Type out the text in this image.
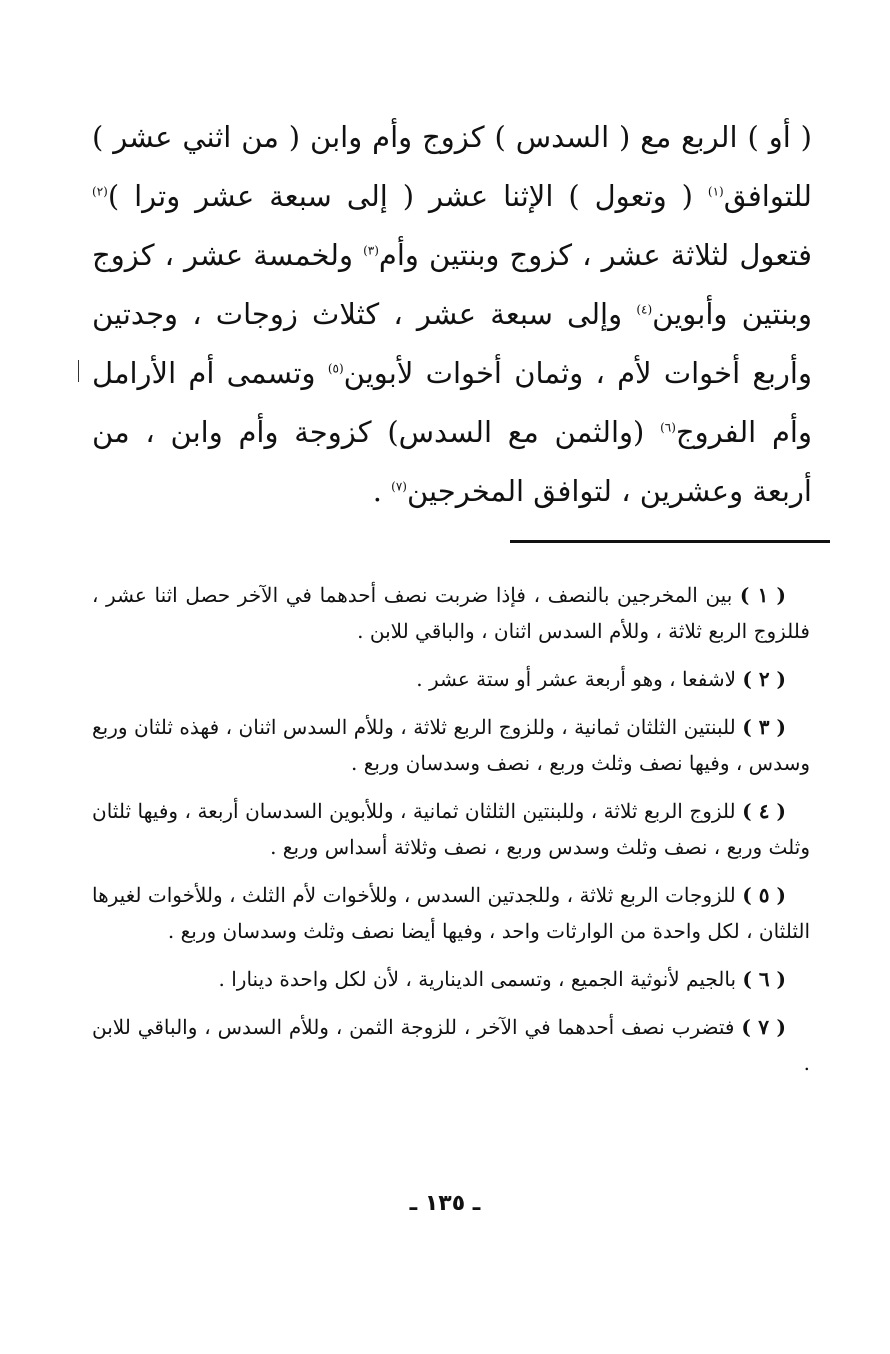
( أو ) الربع مع ( السدس ) كزوج وأم وابن ( من اثني عشر ) للتوافق$^{(١)}$ ( وتعول ) الإثنا عشر ( إلى سبعة عشر وترا )$^{(٢)}$ فتعول لثلاثة عشر ، كزوج وبنتين وأم$^{(٣)}$ ولخمسة عشر ، كزوج وبنتين وأبوين$^{(٤)}$ وإلى سبعة عشر ، كثلاث زوجات ، وجدتين وأربع أخوات لأم ، وثمان أخوات لأبوين$^{(٥)}$ وتسمى أم الأرامل وأم الفروج$^{(٦)}$ (والثمن مع السدس) كزوجة وأم وابن ، من أربعة وعشرين ، لتوافق المخرجين$^{(٧)}$ .

( ١ ) بين المخرجين بالنصف ، فإذا ضربت نصف أحدهما في الآخر حصل اثنا عشر ، فللزوج الربع ثلاثة ، وللأم السدس اثنان ، والباقي للابن .

( ٢ ) لاشفعا ، وهو أربعة عشر أو ستة عشر .

( ٣ ) للبنتين الثلثان ثمانية ، وللزوج الربع ثلاثة ، وللأم السدس اثنان ، فهذه ثلثان وربع وسدس ، وفيها نصف وثلث وربع ، نصف وسدسان وربع .

( ٤ ) للزوج الربع ثلاثة ، وللبنتين الثلثان ثمانية ، وللأبوين السدسان أربعة ، وفيها ثلثان وثلث وربع ، نصف وثلث وسدس وربع ، نصف وثلاثة أسداس وربع .

( ٥ ) للزوجات الربع ثلاثة ، وللجدتين السدس ، وللأخوات لأم الثلث ، وللأخوات لغيرها الثلثان ، لكل واحدة من الوارثات واحد ، وفيها أيضا نصف وثلث وسدسان وربع .

( ٦ ) بالجيم لأنوثية الجميع ، وتسمى الدينارية ، لأن لكل واحدة دينارا .

( ٧ ) فتضرب نصف أحدهما في الآخر ، للزوجة الثمن ، وللأم السدس ، والباقي للابن .

ـ ١٣٥ ـ
